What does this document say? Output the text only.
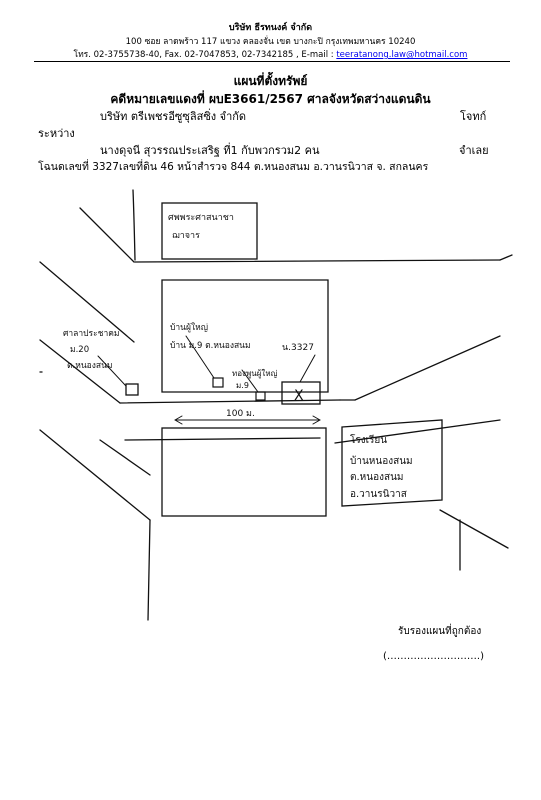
บริษัท ธีรทนงค์ จำกัด
100 ซอย ลาดพร้าว 117 แขวง คลองจั่น เขต บางกะปิ กรุงเทพมหานคร 10240
โทร. 02-3755738-40, Fax. 02-7047853, 02-7342185 , E-mail : teeratanong.law@hotmail.com
แผนที่ตั้งทรัพย์
คดีหมายเลขแดงที่ ผบE3661/2567 ศาลจังหวัดสว่างแดนดิน
บริษัท ตรีเพชรอีซูซุลิสซิ่ง จำกัด	โจทก์
ระหว่าง
นางดุจนี สุวรรณประเสริฐ ที่1 กับพวกรวม2 คน	จำเลย
โฉนดเลขที่ 3327เลขที่ดิน 46 หน้าสำรวจ 844 ต.หนองสนม อ.วานรนิวาส จ. สกลนคร
X
ศพพระศาสนาชา ฌาจาร
ศาลาประชาคม ม.20 ต.หนองสนม
บ้านผู้ใหญ่ บ้าน ม.9 ต.หนองสนม	น.3327
ทองพูนผู้ใหญ่ ม.9
100 ม.
โรงเรียน บ้านหนองสนม ต.หนองสนม อ.วานรนิวาส
รับรองแผนที่ถูกต้อง
(……………………….)
